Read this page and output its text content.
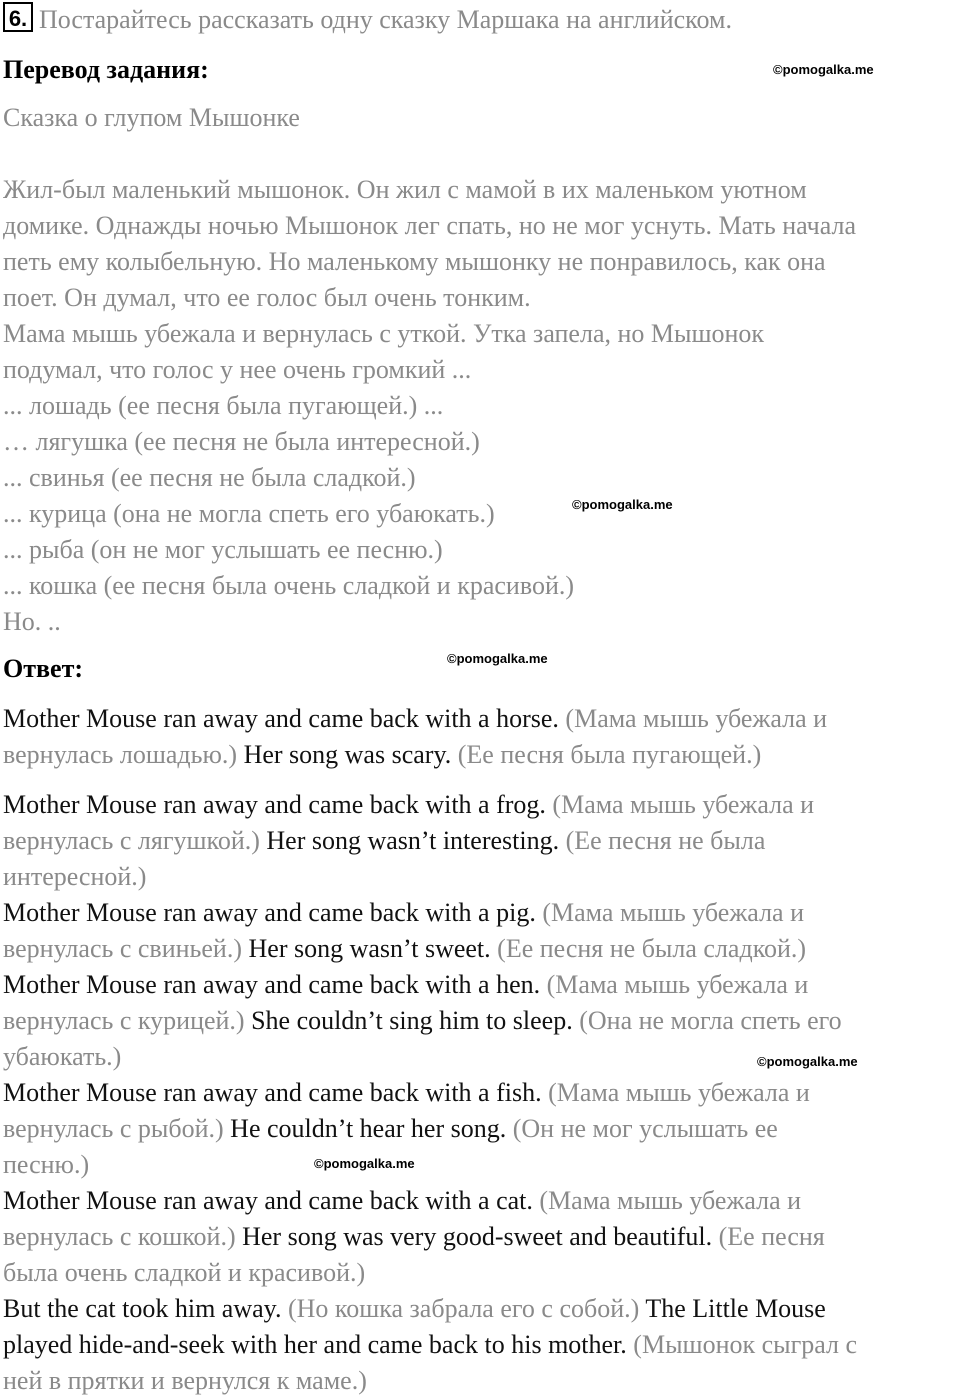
6. Постарайтесь рассказать одну сказку Маршака на английском.
Перевод задания:	©pomogalka.me
Сказка о глупом Мышонке
Жил-был маленький мышонок. Он жил с мамой в их маленьком уютном
домике. Однажды ночью Мышонок лег спать, но не мог уснуть. Мать начала
петь ему колыбельную. Но маленькому мышонку не понравилось, как она
поет. Он думал, что ее голос был очень тонким.
Мама мышь убежала и вернулась с уткой. Утка запела, но Мышонок
подумал, что голос у нее очень громкий ...
... лошадь (ее песня была пугающей.) ...
… лягушка (ее песня не была интересной.)
... свинья (ее песня не была сладкой.)
... курица (она не могла спеть его убаюкать.)
... рыба (он не мог услышать ее песню.)
... кошка (ее песня была очень сладкой и красивой.)
Но. ..
©pomogalka.me
Ответ:	©pomogalka.me
Mother Mouse ran away and came back with a horse. (Мама мышь убежала и
вернулась лошадью.) Her song was scary. (Ее песня была пугающей.)
Mother Mouse ran away and came back with a frog. (Мама мышь убежала и
вернулась с лягушкой.) Her song wasn’t interesting. (Ее песня не была
интересной.)
Mother Mouse ran away and came back with a pig. (Мама мышь убежала и
вернулась с свиньей.) Her song wasn’t sweet. (Ее песня не была сладкой.)
Mother Mouse ran away and came back with a hen. (Мама мышь убежала и
вернулась с курицей.) She couldn’t sing him to sleep. (Она не могла спеть его
убаюкать.)
Mother Mouse ran away and came back with a fish. (Мама мышь убежала и
вернулась с рыбой.) He couldn’t hear her song. (Он не мог услышать ее
песню.)
Mother Mouse ran away and came back with a cat. (Мама мышь убежала и
вернулась с кошкой.) Her song was very good-sweet and beautiful. (Ее песня
была очень сладкой и красивой.)
But the cat took him away. (Но кошка забрала его с собой.) The Little Mouse
played hide-and-seek with her and came back to his mother. (Мышонок сыграл с
ней в прятки и вернулся к маме.)
©pomogalka.me
©pomogalka.me
